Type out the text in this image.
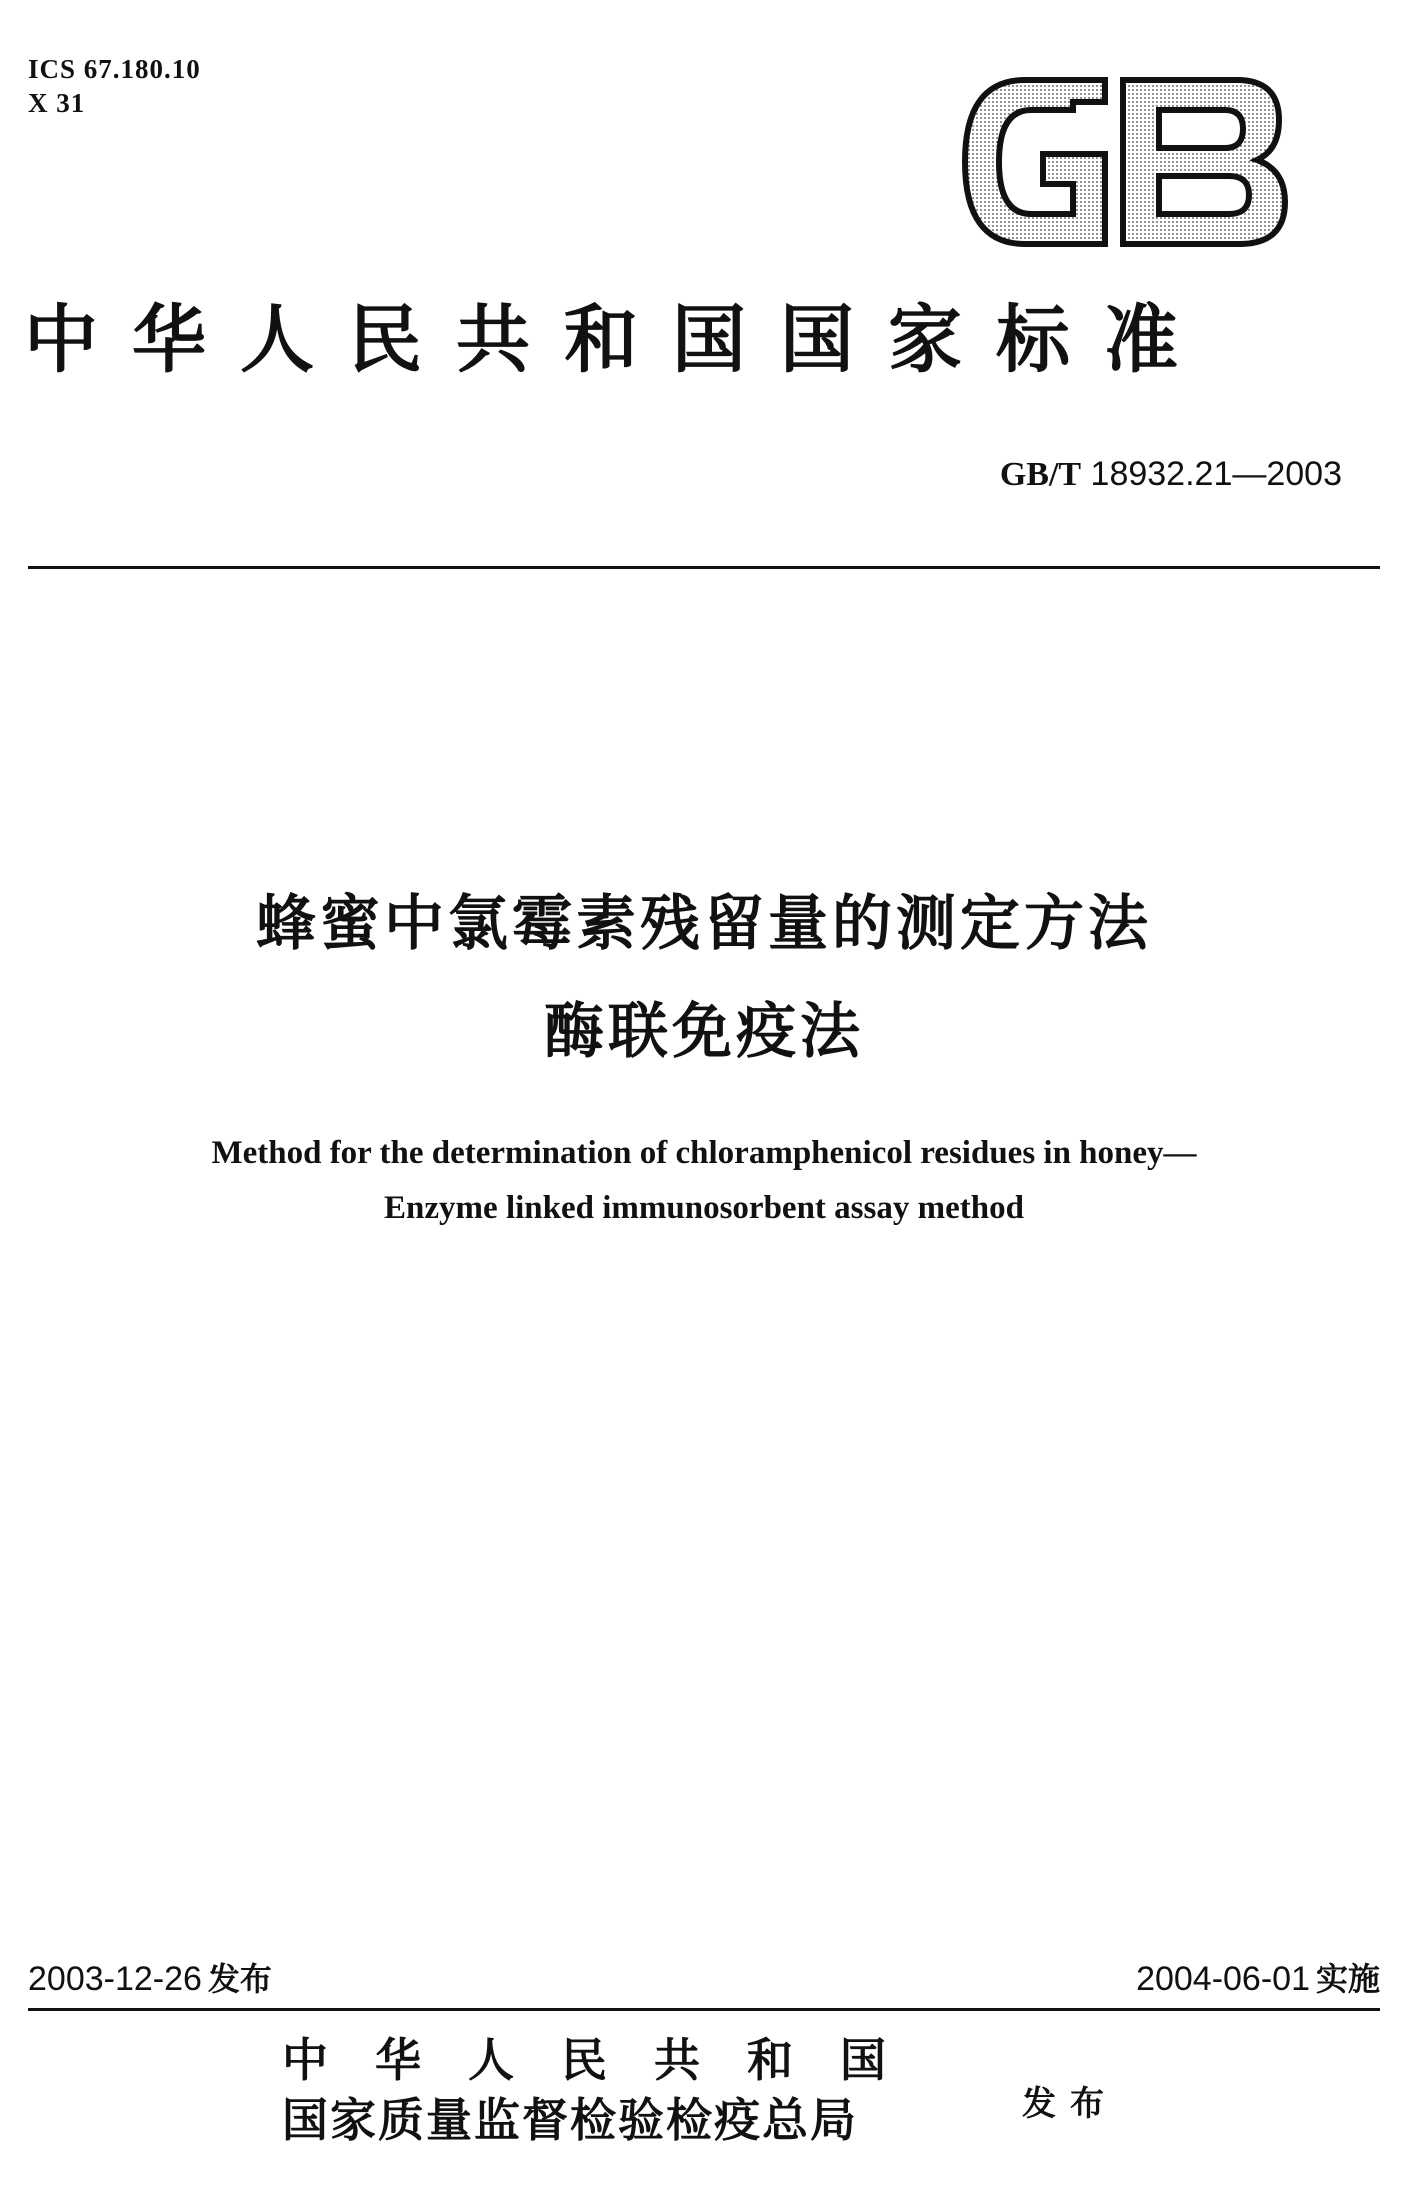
ICS 67.180.10
X 31
GB
中华人民共和国国家标准
GB/T 18932.21—2003
蜂蜜中氯霉素残留量的测定方法
酶联免疫法
Method for the determination of chloramphenicol residues in honey—
Enzyme linked immunosorbent assay method
2003-12-26 发布	2004-06-01 实施
中华人民共和国
国家质量监督检验检疫总局	发布
